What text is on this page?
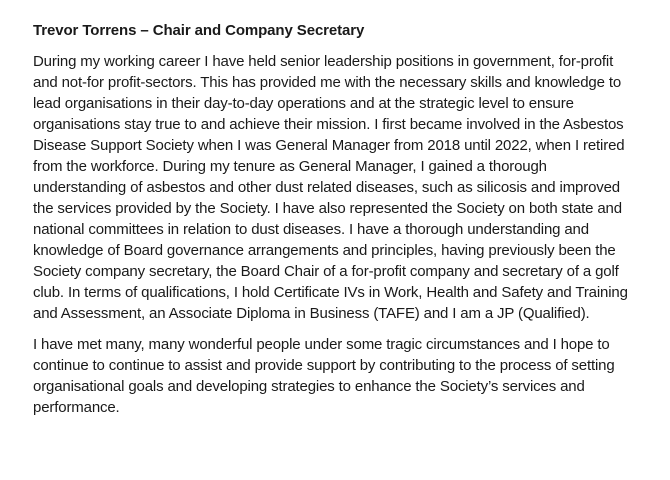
Trevor Torrens – Chair and Company Secretary

During my working career I have held senior leadership positions in government, for-profit and not-for profit-sectors. This has provided me with the necessary skills and knowledge to lead organisations in their day-to-day operations and at the strategic level to ensure organisations stay true to and achieve their mission. I first became involved in the Asbestos Disease Support Society when I was General Manager from 2018 until 2022, when I retired from the workforce. During my tenure as General Manager, I gained a thorough understanding of asbestos and other dust related diseases, such as silicosis and improved the services provided by the Society. I have also represented the Society on both state and national committees in relation to dust diseases. I have a thorough understanding and knowledge of Board governance arrangements and principles, having previously been the Society company secretary, the Board Chair of a for-profit company and secretary of a golf club. In terms of qualifications, I hold Certificate IVs in Work, Health and Safety and Training and Assessment, an Associate Diploma in Business (TAFE) and I am a JP (Qualified).

I have met many, many wonderful people under some tragic circumstances and I hope to continue to continue to assist and provide support by contributing to the process of setting organisational goals and developing strategies to enhance the Society’s services and performance.
